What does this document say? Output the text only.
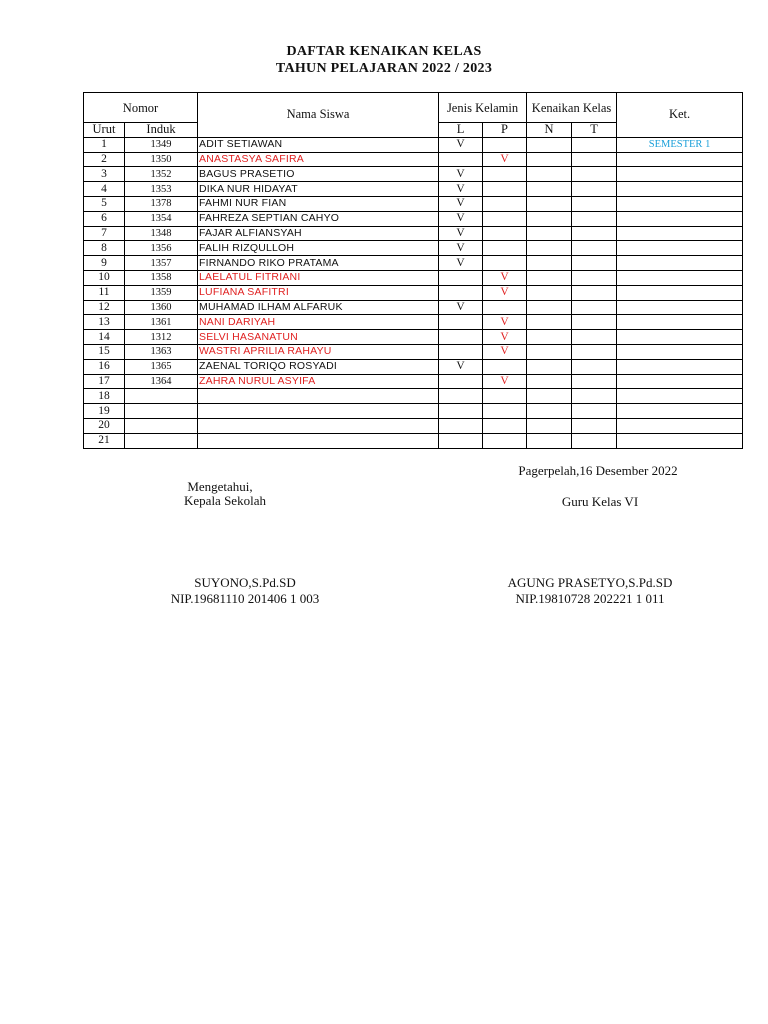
DAFTAR KENAIKAN KELAS
TAHUN PELAJARAN 2022 / 2023
Nomor		Nama Siswa	Jenis Kelamin		Kenaikan Kelas		Ket.
Urut	Induk		L	P	N	T	
1	1349	ADIT SETIAWAN	V				SEMESTER 1
2	1350	ANASTASYA SAFIRA		V			
3	1352	BAGUS PRASETIO	V				
4	1353	DIKA NUR HIDAYAT	V				
5	1378	FAHMI NUR FIAN	V				
6	1354	FAHREZA SEPTIAN CAHYO	V				
7	1348	FAJAR ALFIANSYAH	V				
8	1356	FALIH RIZQULLOH	V				
9	1357	FIRNANDO RIKO PRATAMA	V				
10	1358	LAELATUL FITRIANI		V			
11	1359	LUFIANA SAFITRI		V			
12	1360	MUHAMAD ILHAM ALFARUK	V				
13	1361	NANI DARIYAH		V			
14	1312	SELVI HASANATUN		V			
15	1363	WASTRI APRILIA RAHAYU		V			
16	1365	ZAENAL TORIQO ROSYADI	V				
17	1364	ZAHRA NURUL ASYIFA		V			
18							
19							
20							
21							
Pagerpelah,16 Desember 2022
Mengetahui,
Kepala Sekolah	Guru Kelas VI
SUYONO,S.Pd.SD
NIP.19681110 201406 1 003
AGUNG PRASETYO,S.Pd.SD
NIP.19810728 202221 1 011
